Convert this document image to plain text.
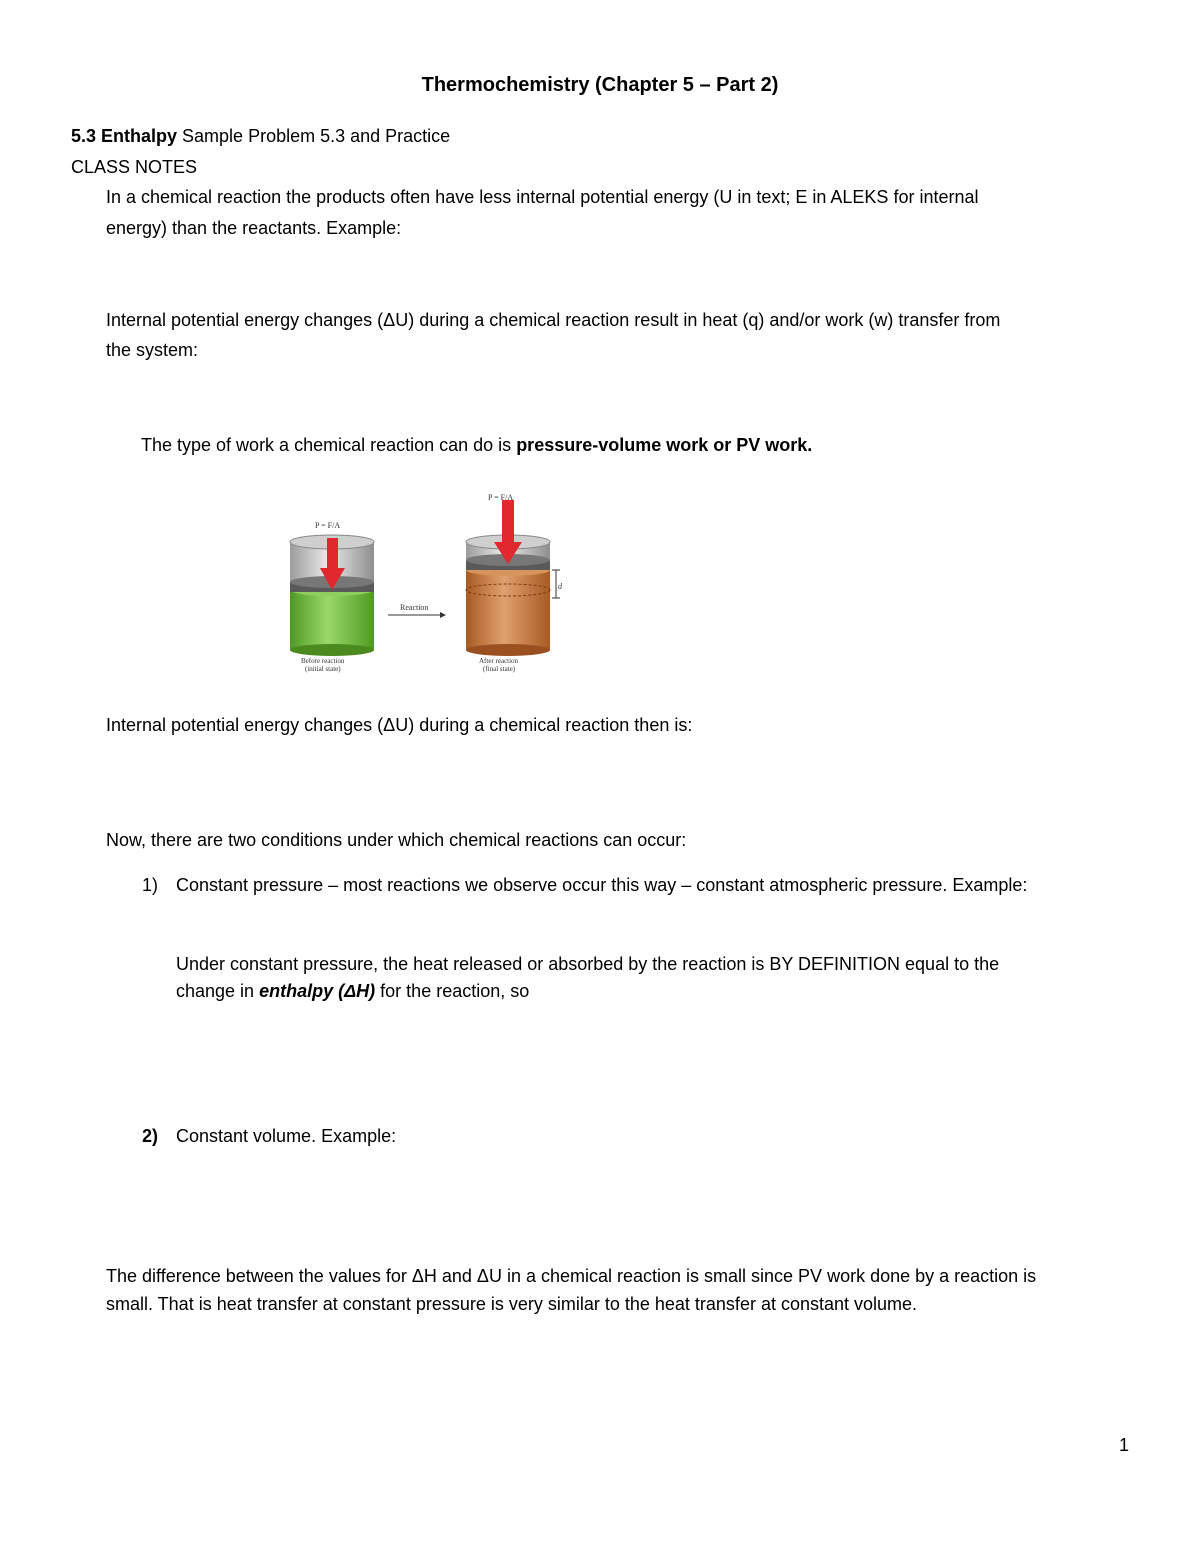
Thermochemistry (Chapter 5 – Part 2)
5.3 Enthalpy Sample Problem 5.3 and Practice
CLASS NOTES
In a chemical reaction the products often have less internal potential energy (U in text; E in ALEKS for internal
energy) than the reactants. Example:
Internal potential energy changes (ΔU) during a chemical reaction result in heat (q) and/or work (w) transfer from
the system:
The type of work a chemical reaction can do is pressure-volume work or PV work.
P = F/A
Before reaction
(initial state)
Reaction
d
P = F/A
After reaction
(final state)
Internal potential energy changes (ΔU) during a chemical reaction then is:
Now, there are two conditions under which chemical reactions can occur:
1) Constant pressure – most reactions we observe occur this way – constant atmospheric pressure. Example:
Under constant pressure, the heat released or absorbed by the reaction is BY DEFINITION equal to the
change in enthalpy (ΔH) for the reaction, so
2) Constant volume. Example:
The difference between the values for ΔH and ΔU in a chemical reaction is small since PV work done by a reaction is
small. That is heat transfer at constant pressure is very similar to the heat transfer at constant volume.
1
